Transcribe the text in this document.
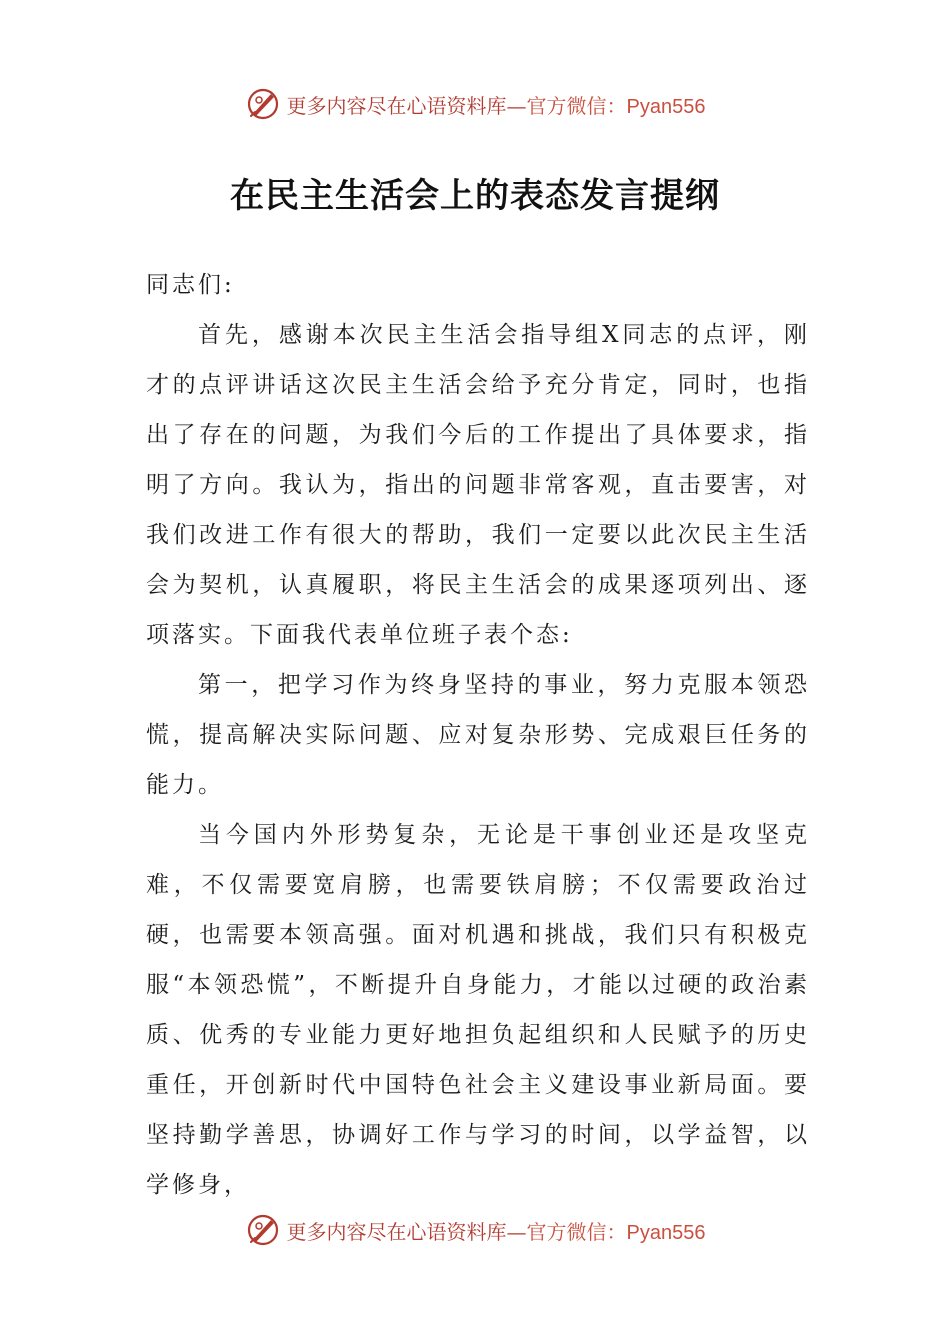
更多内容尽在心语资料库—官方微信：Pyan556
在民主生活会上的表态发言提纲

同志们:

首先，感谢本次民主生活会指导组X同志的点评，刚才的点评讲话这次民主生活会给予充分肯定，同时，也指出了存在的问题，为我们今后的工作提出了具体要求，指明了方向。我认为，指出的问题非常客观，直击要害，对我们改进工作有很大的帮助，我们一定要以此次民主生活会为契机，认真履职，将民主生活会的成果逐项列出、逐项落实。下面我代表单位班子表个态:

第一，把学习作为终身坚持的事业，努力克服本领恐慌，提高解决实际问题、应对复杂形势、完成艰巨任务的能力。

当今国内外形势复杂，无论是干事创业还是攻坚克难，不仅需要宽肩膀，也需要铁肩膀；不仅需要政治过硬，也需要本领高强。面对机遇和挑战，我们只有积极克服“本领恐慌”，不断提升自身能力，才能以过硬的政治素质、优秀的专业能力更好地担负起组织和人民赋予的历史重任，开创新时代中国特色社会主义建设事业新局面。要坚持勤学善思，协调好工作与学习的时间，以学益智，以学修身，

更多内容尽在心语资料库—官方微信：Pyan556
